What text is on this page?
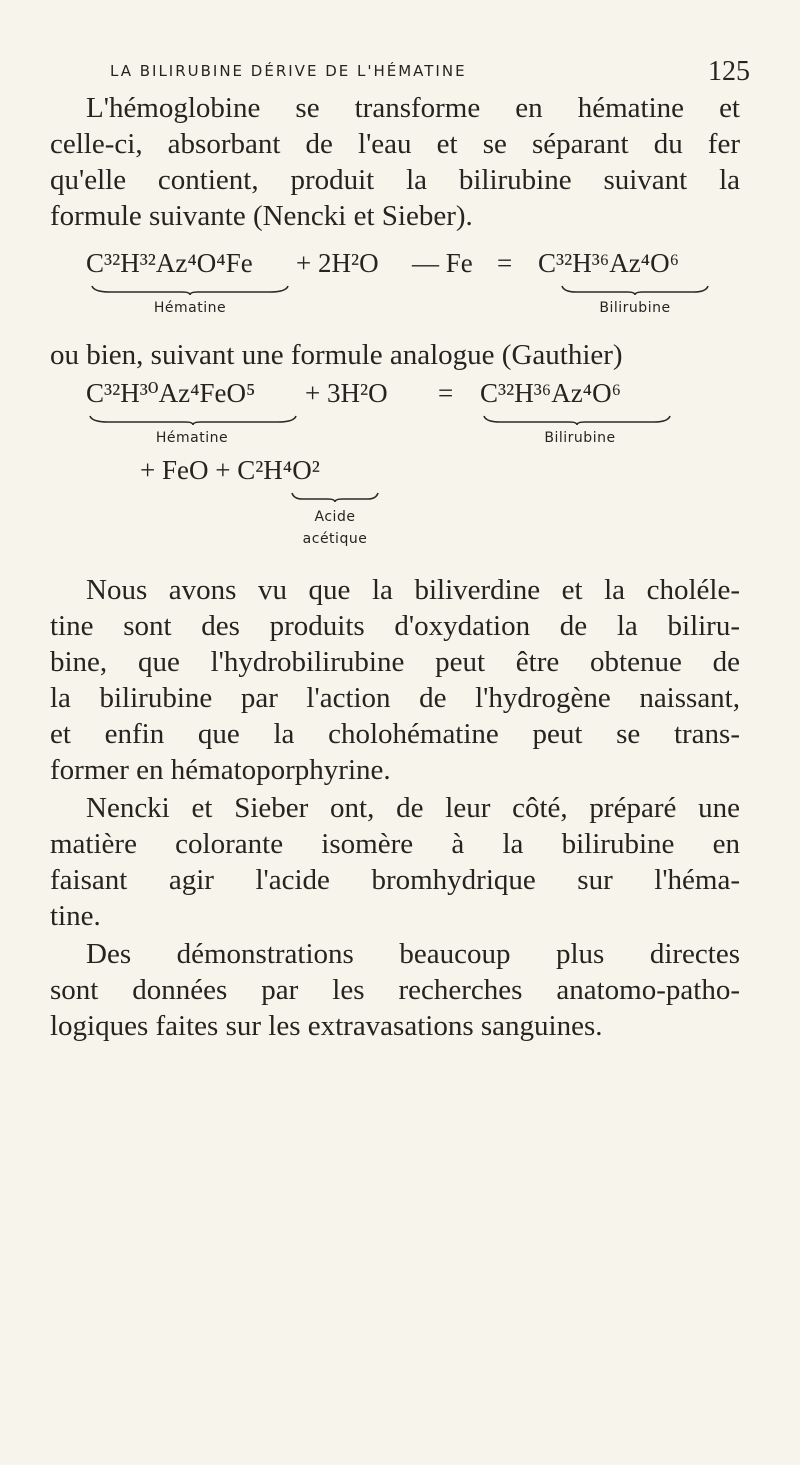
LA BILIRUBINE DÉRIVE DE L'HÉMATINE	125

L'hémoglobine se transforme en hématine et

celle-ci, absorbant de l'eau et se séparant du fer

qu'elle contient, produit la bilirubine suivant la

formule suivante (Nencki et Sieber).

C³²H³²Az⁴O⁴Fe + 2H²O — Fe = C³²H³⁶Az⁴O⁶
Hématine	Bilirubine

ou bien, suivant une formule analogue (Gauthier)

C³²H³⁰Az⁴FeO⁵ + 3H²O = C³²H³⁶Az⁴O⁶
Hématine	Bilirubine
+ FeO + C²H⁴O²
Acide
acétique

Nous avons vu que la biliverdine et la choléle-

tine sont des produits d'oxydation de la biliru-

bine, que l'hydrobilirubine peut être obtenue de

la bilirubine par l'action de l'hydrogène naissant,

et enfin que la cholohématine peut se trans-

former en hématoporphyrine.

Nencki et Sieber ont, de leur côté, préparé une

matière colorante isomère à la bilirubine en

faisant agir l'acide bromhydrique sur l'héma-

tine.

Des démonstrations beaucoup plus directes

sont données par les recherches anatomo-patho-

logiques faites sur les extravasations sanguines.
